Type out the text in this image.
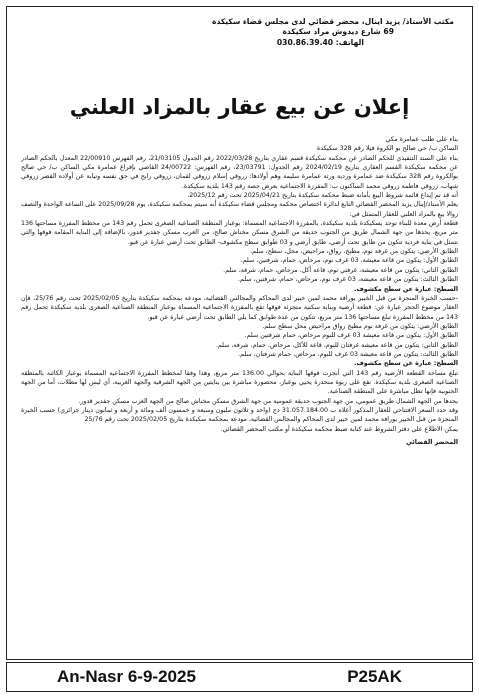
مكتب الأستاذ/ يزيد اينال، محضر قضائي لدى مجلس قضاء سكيكدة
69 شارع ديدوش مراد سكيكدة
الهاتف: 030.86.39.40
إعلان عن بيع عقار بالمزاد العلني

بناء على طلب عمامرة مكي

الساكن ب/ حي صالح بو الكروة فيلا رقم 328 سكيكدة

بناء على السند التنفيذي للحكم الصادر عن محكمة سكيكدة قسم عقاري بتاريخ 2022/03/28 رقم الجدول 21/03105، رقم الفهرس 22/00910 المعدل بالحكم الصادر عن محكمة سكيكدة القسم العقاري بتاريخ 2024/02/19 رقم الجدول: 23/03791، رقم الفهرس: 24/00722 القاضي بإفراغ عمامرة مكي الساكن ب/ حي صالح بوالكروة رقم 328 سكيكدة ضد عمامرة وردية ورثة عمامرة سليمة وهم أولادها: زروقي إسلام زروقي لقمان، زروقي رابح في حق نفسه ونيابة عن أولاده القصر زروقي شهاب، زروقي فاطمة زروقي محمد الساكنون ب: المفرزة الاجتماعية بعرض حصة رقم 143 بلدية سكيكدة.

أنه قد تم إيداع قائمة شروط البيع بأمانة ضبط محكمة سكيكدة بتاريخ 2025/04/21 تحت رقم 2025/12.

يعلم الأستاذ/إينال يزيد المحضر القضائي التابع لدائرة اختصاص محكمة ومجلس قضاء سكيكدة أنه سيتم بمحكمة سكيكدة، يوم 2025/09/28 على الساعة الواحدة والنصف زوالا بيع بالمزاد العلني للعقار المتمثل في:

قطعة أرض معدة للبناء توجد بسكيكدة بلدية سكيكدة، بالمفرزة الاجتماعية المسماة: بوعباز المنطقة الصناعية الصغرى تحمل رقم 143 من مخطط المفرزة مساحتها 136 متر مربع، يحدها من جهة الشمال طريق من الجنوب حديقة من الشرق مسكن مخناش صالح، من الغرب مسكن جفدير قدور، بالإضافة إلى البناية المقامة فوقها والتي تتمثل في بناية فردية تتكون من طابق تحت أرضي، طابق أرضي و 03 طوابق سطح مكشوف- الطابق تحت أرضي عبارة عن قبو.

الطابق الأرضي: يتكون من غرفة نوم، مطبخ، رواق، مراحيض، محل، سطح، سلم.

الطابق الأول: يتكون من قاعة معيشة، 03 غرف نوم، مرحاض، حمام، شرفتين، سلم.

الطابق الثاني: يتكون من قاعة معيشة، غرفتي نوم، قاعة أكل، مرحاض، حمام، شرفة، سلم.

الطابق الثالث: يتكون من قاعة معيشة، 03 غرف نوم، مرحاض، حمام، شرفتين، سلم.

السطح: عبارة عن سطح مكشوف.

-حسب الخبرة المنجزة من قبل الخبير بورافة محمد لمين خبير لدى المحاكم والمجالس القضائية، مودعة بمحكمة سكيكدة بتاريخ 2025/02/05 تحت رقم 25/76، فإن العقار موضوع الحجز عبارة عن: قطعة أرضية وبناية سكنية متجزئة فوقها تقع بالمفرزة الاجتماعية المسماة بوعباز المنطقة الصناعية الصغرى بلدية سكيكدة تحمل رقم 143 من مخطط المفرزة تبلغ مساحتها 136 متر مربع، تتكون من عدة طوابق كما يلي الطابق تحت أرضي عبارة عن قبو.

الطابق الأرضي: يتكون من غرفة نوم مطبخ رواق مراحيض محل سطح سلم.

الطابق الأول: يتكون من قاعة معيشة 03 غرف للنوم مرحاض، حمام شرفتين سلم.

الطابق الثاني: يتكون من قاعة معيشة غرفتان للنوم، قاعة للأكل، مرحاض، حمام، شرفة، سلم.

الطابق الثالث: يتكون من قاعة معيشة 03 غرف للنوم، مرحاض، حمام شرفتان، سلم.

السطح: عبارة عن سطح مكشوف.

تبلغ مساحة القطعة الأرضية رقم 143 التي أنجزت فوقها البناية بحوالي 136.00 متر مربع، وهذا وفقا لمخطط المفرزة الاجتماعية المسماة بوعباز الكائنة بالمنطقة الصناعية الصغرى بلدية سكيكدة. تقع على ربوة منحدرة يحيي بوعباز، محصورة مباشرة بين بنايتين من الجهة الشرقية والجهة الغربية، أي ليس لها مطلات، أما من الجهة الجنوبية فإنها تطل مباشرة على المنطقة الصناعية.

يحدها من الجهة الشمال طريق عمومي، من جهة الجنوب حديقة عمومية من جهة الشرق مسكن مخناش صالح من الجهة الغرب مسكن جفدير قدور.

وقد حدد السعر الافتتاحي للعقار المذكور أعلاه ب 31.057.184.00 دج (واحد و ثلاثون مليون وسبعة و خمسون ألف ومائة و أربعة و ثمانون دينار جزائري) حسب الخبرة المنجزة من قبل الخبير بورافة محمد لمين خبير لدى المحاكم والمجالس القضائية، مودعة بمحكمة سكيكدة بتاريخ 2025/02/05 تحت رقم 25/76

يمكن الاطلاع على دفتر الشروط عند كتابة ضبط محكمة سكيكدة أو مكتب المحضر القضائي.

المحضر القضائي

An-Nasr 6-9-2025	P25AK
